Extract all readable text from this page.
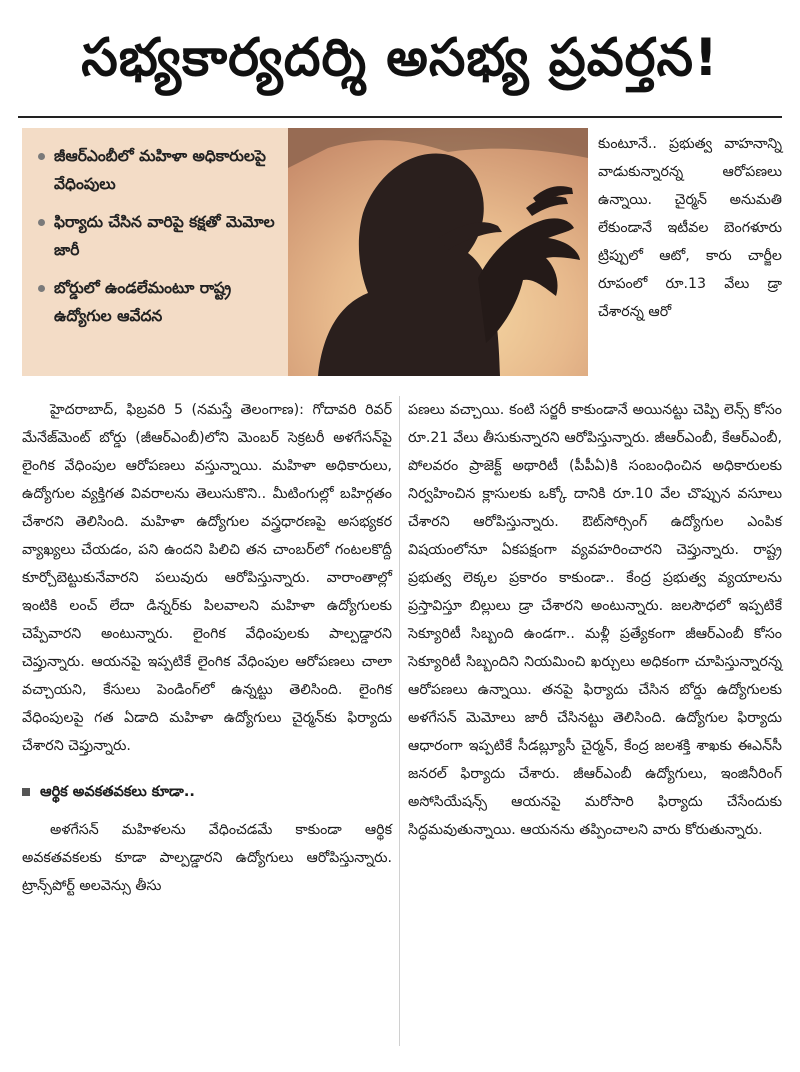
సభ్యకార్యదర్శి అసభ్య ప్రవర్తన!
జీఆర్ఎంబీలో మహిళా అధికారులపై వేధింపులు
ఫిర్యాదు చేసిన వారిపై కక్షతో మెమోల జారీ
బోర్డులో ఉండలేమంటూ రాష్ట్ర ఉద్యోగుల ఆవేదన

కుంటూనే.. ప్రభుత్వ వాహనాన్ని వాడుకున్నారన్న ఆరోపణలు ఉన్నాయి. చైర్మన్ అనుమతి లేకుండానే ఇటీవల బెంగళూరు ట్రిప్పులో ఆటో, కారు చార్జీల రూపంలో రూ.13 వేలు డ్రా చేశారన్న ఆరో

హైదరాబాద్, ఫిబ్రవరి 5 (నమస్తే తెలంగాణ): గోదావరి రివర్ మేనేజ్‌మెంట్ బోర్డు (జీఆర్ఎంబీ)లోని మెంబర్ సెక్రటరీ అళగేసన్‌పై లైంగిక వేధింపుల ఆరోపణలు వస్తున్నాయి. మహిళా అధికారులు, ఉద్యోగుల వ్యక్తిగత వివరాలను తెలుసుకొని.. మీటింగుల్లో బహిర్గతం చేశారని తెలిసింది. మహిళా ఉద్యోగుల వస్త్రధారణపై అసభ్యకర వ్యాఖ్యలు చేయడం, పని ఉందని పిలిచి తన చాంబర్‌లో గంటలకొద్దీ కూర్చోబెట్టుకునేవారని పలువురు ఆరోపిస్తున్నారు. వారాంతాల్లో ఇంటికి లంచ్ లేదా డిన్నర్‌కు పిలవాలని మహిళా ఉద్యోగులకు చెప్పేవారని అంటున్నారు. లైంగిక వేధింపులకు పాల్పడ్డారని చెప్తున్నారు. ఆయనపై ఇప్పటికే లైంగిక వేధింపుల ఆరోపణలు చాలా వచ్చాయని, కేసులు పెండింగ్‌లో ఉన్నట్టు తెలిసింది. లైంగిక వేధింపులపై గత ఏడాది మహిళా ఉద్యోగులు చైర్మన్‌కు ఫిర్యాదు చేశారని చెప్తున్నారు.

ఆర్థిక అవకతవకలు కూడా..

అళగేసన్ మహిళలను వేధించడమే కాకుండా ఆర్థిక అవకతవకలకు కూడా పాల్పడ్డారని ఉద్యోగులు ఆరోపిస్తున్నారు. ట్రాన్స్‌పోర్ట్ అలవెన్సు తీసు

పణలు వచ్చాయి. కంటి సర్జరీ కాకుండానే అయినట్టు చెప్పి లెన్స్ కోసం రూ.21 వేలు తీసుకున్నారని ఆరోపిస్తున్నారు. జీఆర్ఎంబీ, కేఆర్ఎంబీ, పోలవరం ప్రాజెక్ట్ అథారిటీ (పీపీఏ)కి సంబంధించిన అధికారులకు నిర్వహించిన క్లాసులకు ఒక్కో దానికి రూ.10 వేల చొప్పున వసూలు చేశారని ఆరోపిస్తున్నారు. ఔట్‌సోర్సింగ్ ఉద్యోగుల ఎంపిక విషయంలోనూ ఏకపక్షంగా వ్యవహరించారని చెప్తున్నారు. రాష్ట్ర ప్రభుత్వ లెక్కల ప్రకారం కాకుండా.. కేంద్ర ప్రభుత్వ వ్యయాలను ప్రస్తావిస్తూ బిల్లులు డ్రా చేశారని అంటున్నారు. జలసౌధలో ఇప్పటికే సెక్యూరిటీ సిబ్బంది ఉండగా.. మళ్లీ ప్రత్యేకంగా జీఆర్ఎంబీ కోసం సెక్యూరిటీ సిబ్బందిని నియమించి ఖర్చులు అధికంగా చూపిస్తున్నారన్న ఆరోపణలు ఉన్నాయి. తనపై ఫిర్యాదు చేసిన బోర్డు ఉద్యోగులకు అళగేసన్ మెమోలు జారీ చేసినట్టు తెలిసింది. ఉద్యోగుల ఫిర్యాదు ఆధారంగా ఇప్పటికే సీడబ్ల్యూసీ చైర్మన్, కేంద్ర జలశక్తి శాఖకు ఈఎన్‌సీ జనరల్ ఫిర్యాదు చేశారు. జీఆర్ఎంబీ ఉద్యోగులు, ఇంజినీరింగ్ అసోసియేషన్స్ ఆయనపై మరోసారి ఫిర్యాదు చేసేందుకు సిద్ధమవుతున్నాయి. ఆయనను తప్పించాలని వారు కోరుతున్నారు.
